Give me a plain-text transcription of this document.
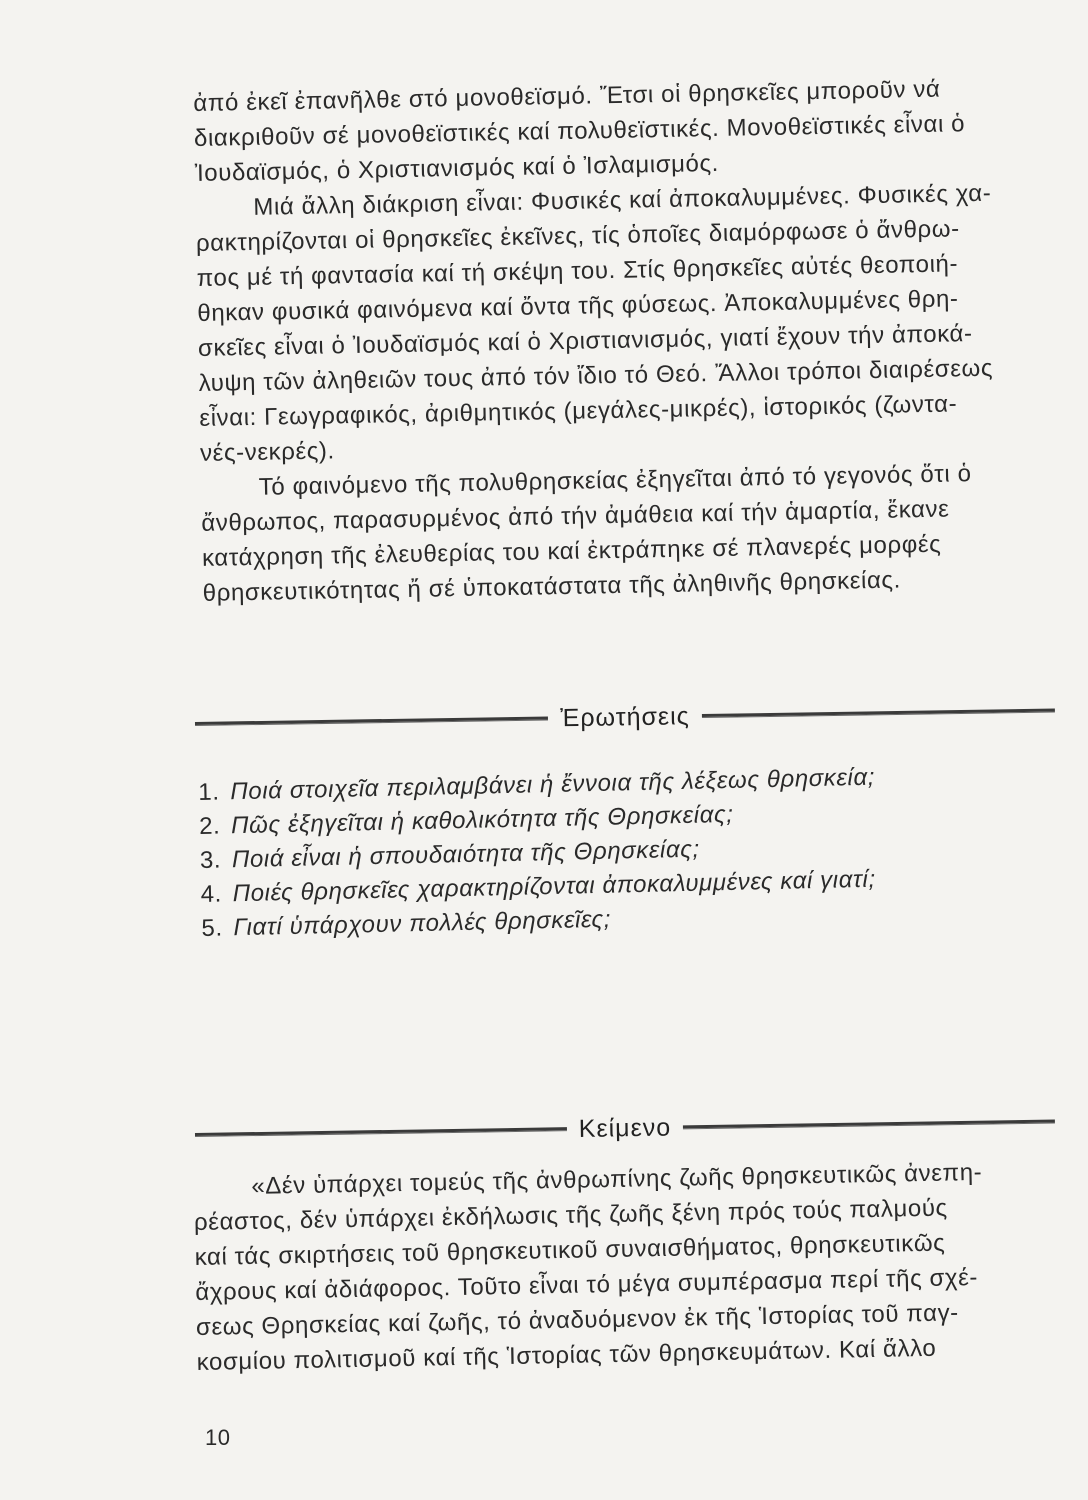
ἀπό ἐκεῖ ἐπανῆλθε στό μονοθεϊσμό. Ἔτσι οἱ θρησκεῖες μποροῦν νά
διακριθοῦν σέ μονοθεϊστικές καί πολυθεϊστικές. Μονοθεϊστικές εἶναι ὁ
Ἰουδαϊσμός, ὁ Χριστιανισμός καί ὁ Ἰσλαμισμός.
Μιά ἄλλη διάκριση εἶναι: Φυσικές καί ἀποκαλυμμένες. Φυσικές χα-
ρακτηρίζονται οἱ θρησκεῖες ἐκεῖνες, τίς ὁποῖες διαμόρφωσε ὁ ἄνθρω-
πος μέ τή φαντασία καί τή σκέψη του. Στίς θρησκεῖες αὐτές θεοποιή-
θηκαν φυσικά φαινόμενα καί ὄντα τῆς φύσεως. Ἀποκαλυμμένες θρη-
σκεῖες εἶναι ὁ Ἰουδαϊσμός καί ὁ Χριστιανισμός, γιατί ἔχουν τήν ἀποκά-
λυψη τῶν ἀληθειῶν τους ἀπό τόν ἴδιο τό Θεό. Ἄλλοι τρόποι διαιρέσεως
εἶναι: Γεωγραφικός, ἀριθμητικός (μεγάλες-μικρές), ἱστορικός (ζωντα-
νές-νεκρές).
Τό φαινόμενο τῆς πολυθρησκείας ἐξηγεῖται ἀπό τό γεγονός ὅτι ὁ
ἄνθρωπος, παρασυρμένος ἀπό τήν ἀμάθεια καί τήν ἁμαρτία, ἔκανε
κατάχρηση τῆς ἐλευθερίας του καί ἐκτράπηκε σέ πλανερές μορφές
θρησκευτικότητας ἤ σέ ὑποκατάστατα τῆς ἀληθινῆς θρησκείας.
Ἐρωτήσεις
1. Ποιά στοιχεῖα περιλαμβάνει ἡ ἔννοια τῆς λέξεως θρησκεία;
2. Πῶς ἐξηγεῖται ἡ καθολικότητα τῆς Θρησκείας;
3. Ποιά εἶναι ἡ σπουδαιότητα τῆς Θρησκείας;
4. Ποιές θρησκεῖες χαρακτηρίζονται ἀποκαλυμμένες καί γιατί;
5. Γιατί ὑπάρχουν πολλές θρησκεῖες;
Κείμενο
«Δέν ὑπάρχει τομεύς τῆς ἀνθρωπίνης ζωῆς θρησκευτικῶς ἀνεπη-
ρέαστος, δέν ὑπάρχει ἐκδήλωσις τῆς ζωῆς ξένη πρός τούς παλμούς
καί τάς σκιρτήσεις τοῦ θρησκευτικοῦ συναισθήματος, θρησκευτικῶς
ἄχρους καί ἀδιάφορος. Τοῦτο εἶναι τό μέγα συμπέρασμα περί τῆς σχέ-
σεως Θρησκείας καί ζωῆς, τό ἀναδυόμενον ἐκ τῆς Ἱστορίας τοῦ παγ-
κοσμίου πολιτισμοῦ καί τῆς Ἱστορίας τῶν θρησκευμάτων. Καί ἄλλο
10
